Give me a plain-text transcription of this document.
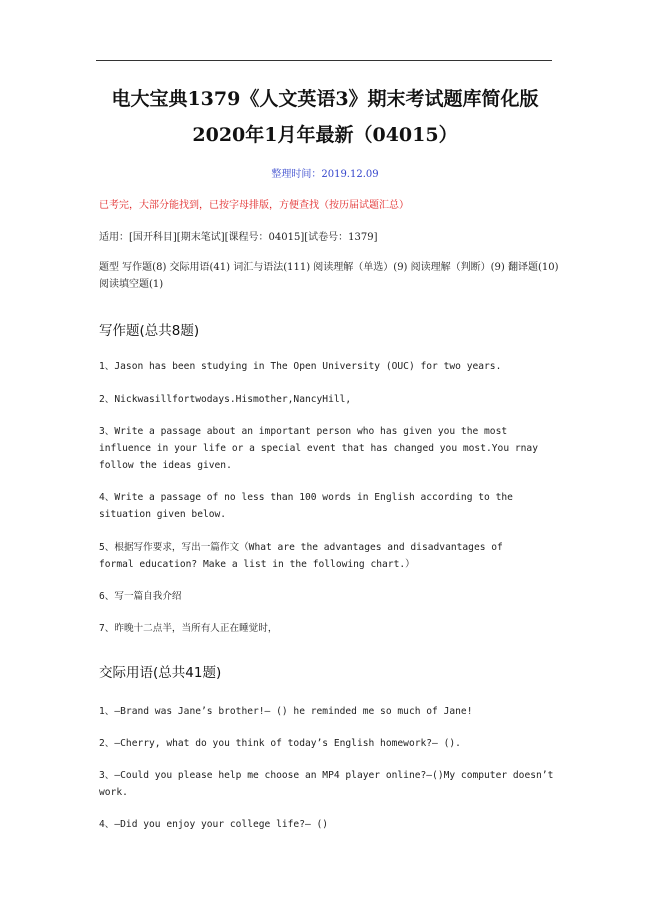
电大宝典1379《人文英语3》期末考试题库简化版
2020年1月年最新（04015）
整理时间：2019.12.09
已考完，大部分能找到，已按字母排版，方便查找（按历届试题汇总）
适用：[国开科目][期末笔试][课程号：04015][试卷号：1379]
题型 写作题(8) 交际用语(41) 词汇与语法(111) 阅读理解（单选）(9) 阅读理解（判断）(9) 翻译题(10) 阅读填空题(1)
写作题(总共8题)
1、Jason has been studying in The Open University (OUC) for two years.
2、Nickwasillfortwodays.Hismother,NancyHill,
3、Write a passage about an important person who has given you the most influence in your life or a special event that has changed you most.You rnay follow the ideas given.
4、Write a passage of no less than 100 words in English according to the situation given below.
5、根据写作要求，写出一篇作文（What are the advantages and disadvantages of formal education? Make a list in the following chart.）
6、写一篇自我介绍
7、昨晚十二点半，当所有人正在睡觉时，
交际用语(总共41题)
1、—Brand was Jane’s brother!— () he reminded me so much of Jane!
2、—Cherry, what do you think of today’s English homework?— ().
3、—Could you please help me choose an MP4 player online?—()My computer doesn’t work.
4、—Did you enjoy your college life?— ()
